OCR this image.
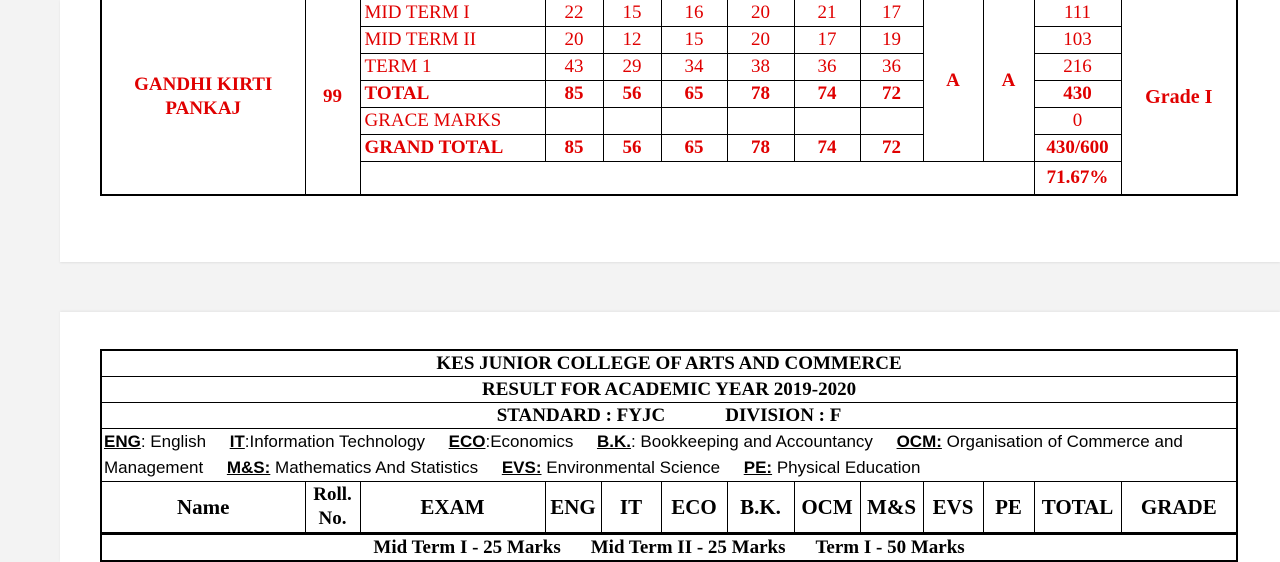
GANDHI KIRTI PANKAJ	99	MID TERM I	22	15	16	20	21	17	A	A	111	Grade I
		MID TERM II	20	12	15	20	17	19			103	
		TERM 1	43	29	34	38	36	36			216	
		TOTAL	85	56	65	78	74	72			430	
		GRACE MARKS									0	
		GRAND TOTAL	85	56	65	78	74	72			430/600	
											71.67%	
KES JUNIOR COLLEGE OF ARTS AND COMMERCE
RESULT FOR ACADEMIC YEAR 2019-2020
STANDARD : FYJC	DIVISION : F
ENG: English IT:Information Technology ECO:Economics B.K.: Bookkeeping and Accountancy OCM: Organisation of Commerce and Management M&S: Mathematics And Statistics EVS: Environmental Science PE: Physical Education
Name	Roll. No.	EXAM	ENG	IT	ECO	B.K.	OCM	M&S	EVS	PE	TOTAL	GRADE
Mid Term I - 25 Marks Mid Term II - 25 Marks Term I - 50 Marks
